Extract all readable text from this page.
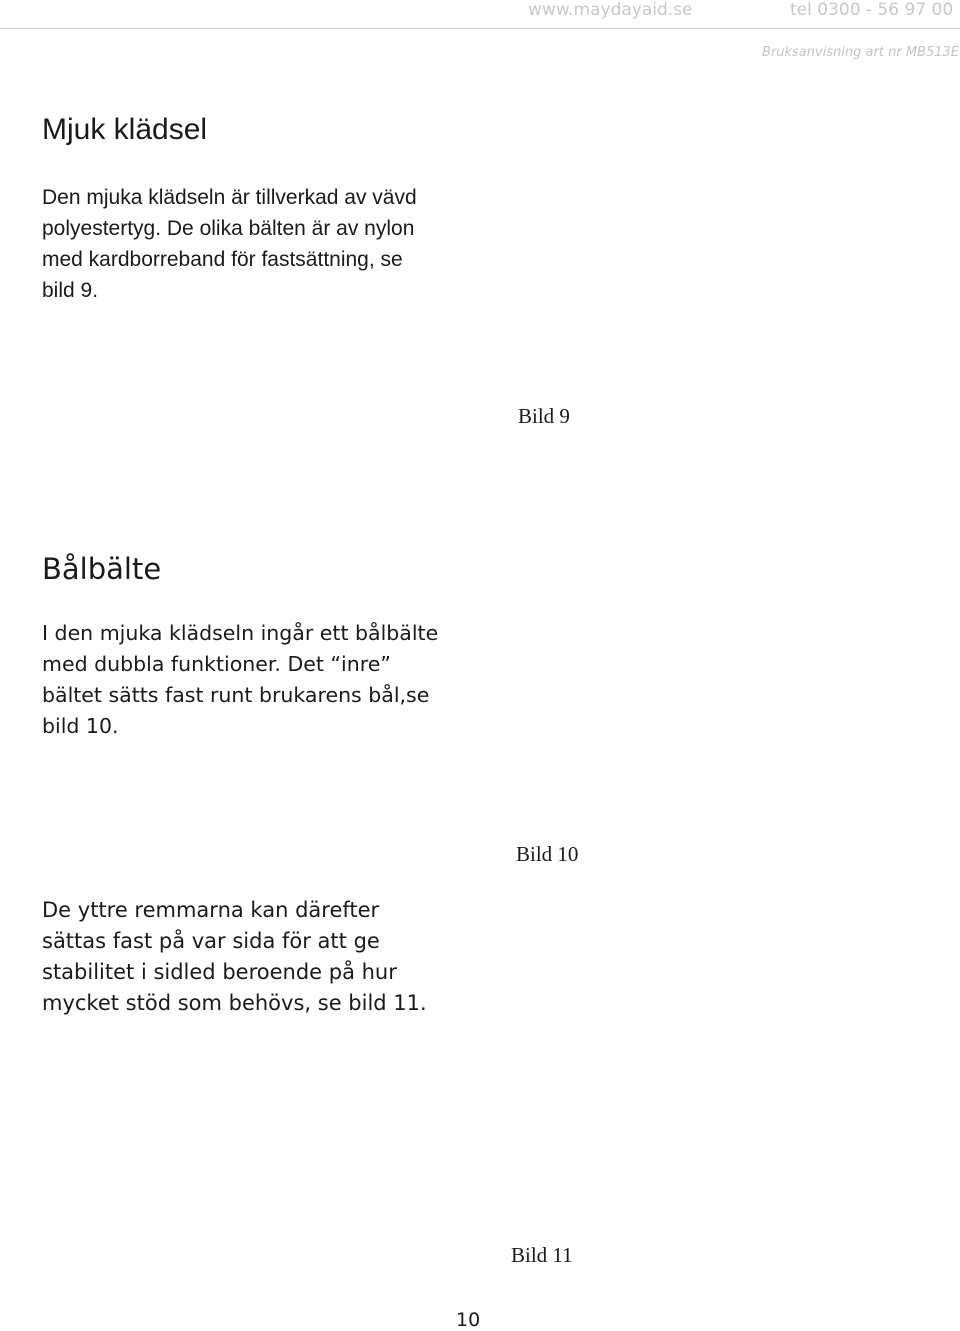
www.maydayaid.se	tel 0300 - 56 97 00
Bruksanvisning art nr MB513E
Mjuk klädsel

Den mjuka klädseln är tillverkad av vävd
polyestertyg. De olika bälten är av nylon
med kardborreband för fastsättning, se
bild 9.

Bild 9
Bålbälte

I den mjuka klädseln ingår ett bålbälte
med dubbla funktioner. Det “inre”
bältet sätts fast runt brukarens bål,se
bild 10.

Bild 10

De yttre remmarna kan därefter
sättas fast på var sida för att ge
stabilitet i sidled beroende på hur
mycket stöd som behövs, se bild 11.

Bild 11
10
